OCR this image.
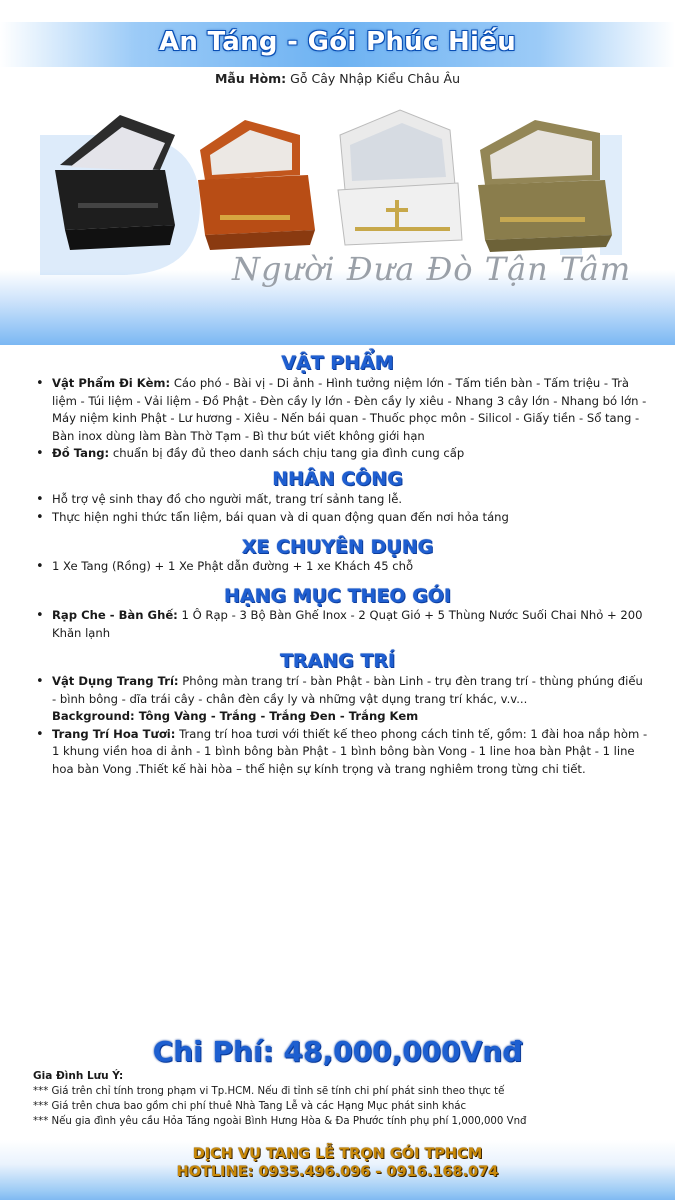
An Táng - Gói Phúc Hiếu
Mẫu Hòm: Gỗ Cây Nhập Kiểu Châu Âu
Người Đưa Đò Tận Tâm
VẬT PHẨM
• Vật Phẩm Đi Kèm: Cáo phó - Bài vị - Di ảnh - Hình tưởng niệm lớn - Tấm tiền bàn - Tấm triệu - Trà liệm - Túi liệm - Vải liệm - Đồ Phật - Đèn cầy ly lớn - Đèn cầy ly xiêu - Nhang 3 cây lớn - Nhang bó lớn - Máy niệm kinh Phật - Lư hương - Xiêu - Nến bái quan - Thuốc phọc môn - Silicol - Giấy tiền - Sổ tang - Bàn inox dùng làm Bàn Thờ Tạm - Bì thư bút viết không giới hạn
• Đồ Tang: chuẩn bị đầy đủ theo danh sách chịu tang gia đình cung cấp
NHÂN CÔNG
• Hỗ trợ vệ sinh thay đồ cho người mất, trang trí sảnh tang lễ.
• Thực hiện nghi thức tẩn liệm, bái quan và di quan động quan đến nơi hỏa táng
XE CHUYÊN DỤNG
• 1 Xe Tang (Rồng) + 1 Xe Phật dẫn đường + 1 xe Khách 45 chỗ
HẠNG MỤC THEO GÓI
• Rạp Che - Bàn Ghế: 1 Ô Rạp - 3 Bộ Bàn Ghế Inox - 2 Quạt Gió + 5 Thùng Nước Suối Chai Nhỏ + 200 Khăn lạnh
TRANG TRÍ
• Vật Dụng Trang Trí: Phông màn trang trí - bàn Phật - bàn Linh - trụ đèn trang trí - thùng phúng điếu - bình bông - dĩa trái cây - chân đèn cầy ly và những vật dụng trang trí khác, v.v...
Background: Tông Vàng - Trắng - Trắng Đen - Trắng Kem
• Trang Trí Hoa Tươi: Trang trí hoa tươi với thiết kế theo phong cách tinh tế, gồm: 1 đài hoa nắp hòm - 1 khung viền hoa di ảnh - 1 bình bông bàn Phật - 1 bình bông bàn Vong - 1 line hoa bàn Phật - 1 line hoa bàn Vong .Thiết kế hài hòa – thể hiện sự kính trọng và trang nghiêm trong từng chi tiết.
Chi Phí: 48,000,000Vnđ
Gia Đình Lưu Ý:
*** Giá trên chỉ tính trong phạm vi Tp.HCM. Nếu đi tỉnh sẽ tính chi phí phát sinh theo thực tế
*** Giá trên chưa bao gồm chi phí thuê Nhà Tang Lễ và các Hạng Mục phát sinh khác
*** Nếu gia đình yêu cầu Hỏa Táng ngoài Bình Hưng Hòa & Đa Phước tính phụ phí 1,000,000 Vnđ
DỊCH VỤ TANG LỄ TRỌN GÓI TPHCM
HOTLINE: 0935.496.096 - 0916.168.074
